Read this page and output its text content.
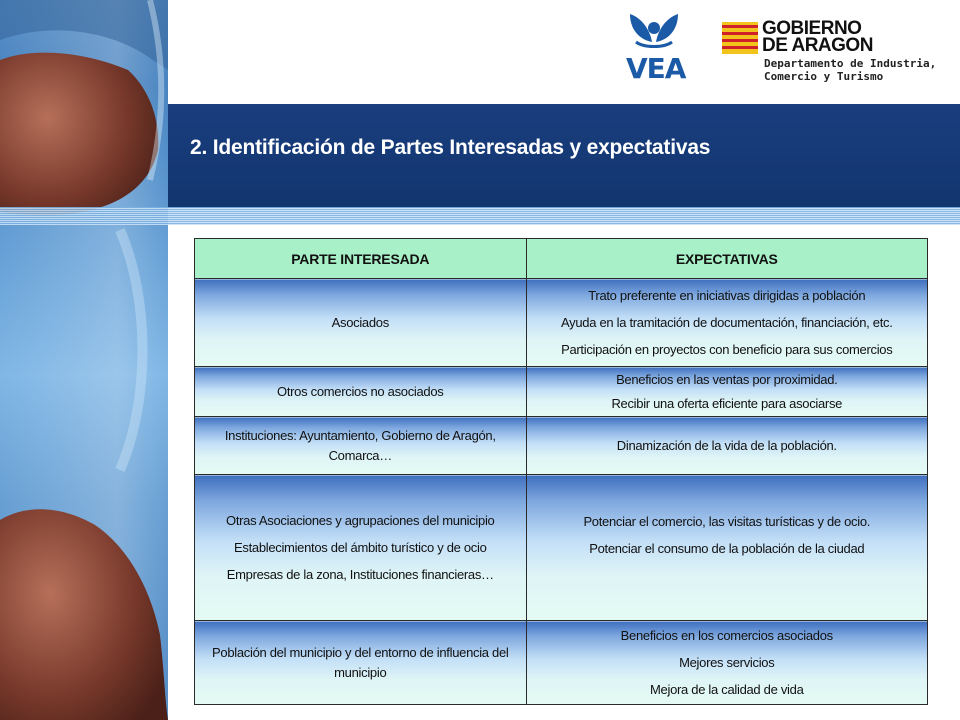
VEA
GOBIERNO
DE ARAGON
Departamento de Industria,
Comercio y Turismo
2. Identificación de Partes Interesadas y expectativas
PARTE INTERESADA	EXPECTATIVAS

Asociados	Trato preferente en iniciativas dirigidas a población
Ayuda en la tramitación de documentación, financiación, etc.
Participación en proyectos con beneficio para sus comercios

Otros comercios no asociados	Beneficios en las ventas por proximidad.
Recibir una oferta eficiente para asociarse

Instituciones: Ayuntamiento, Gobierno de Aragón, Comarca…	Dinamización de la vida de la población.

Otras Asociaciones y agrupaciones del municipio
Establecimientos del ámbito turístico y de ocio
Empresas de la zona, Instituciones financieras…	Potenciar el comercio, las visitas turísticas y de ocio.
Potenciar el consumo de la población de la ciudad

Población del municipio y del entorno de influencia del municipio	Beneficios en los comercios asociados
Mejores servicios
Mejora de la calidad de vida
